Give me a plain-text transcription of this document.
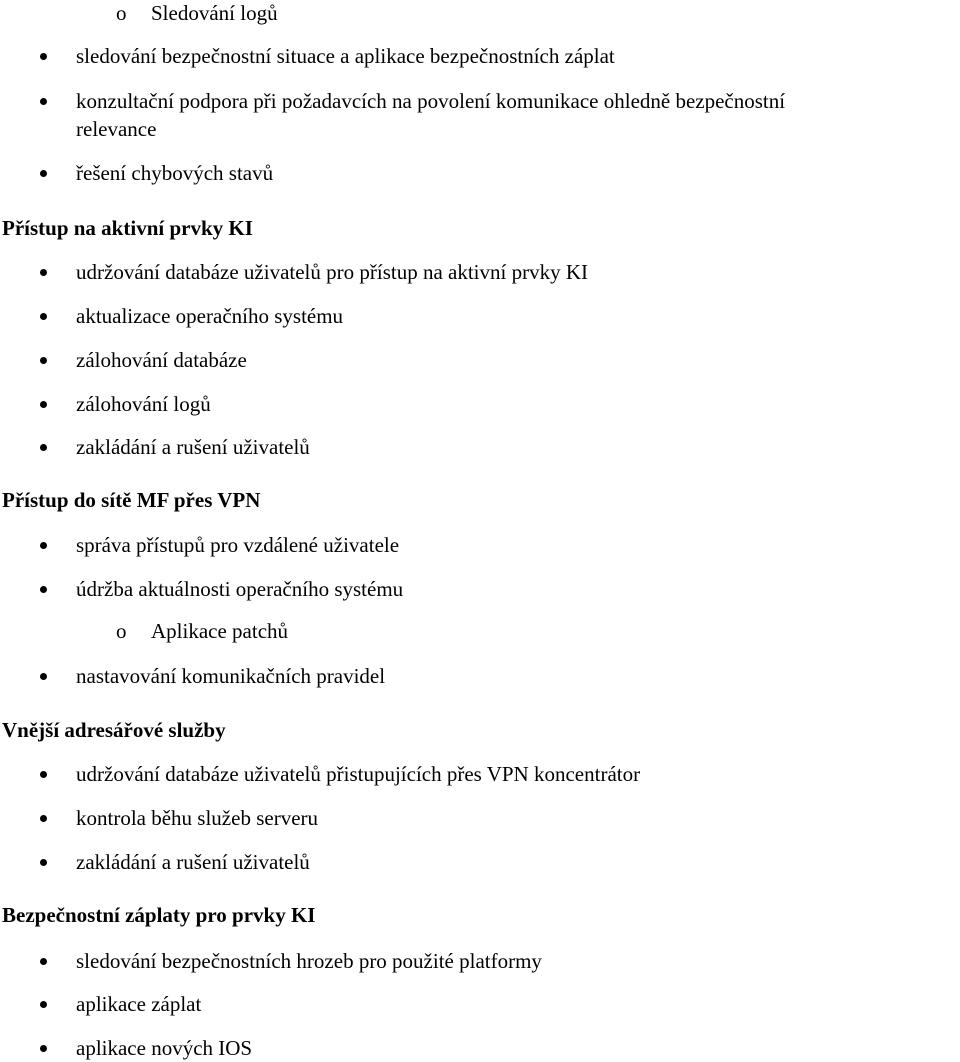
o Sledování logů
sledování bezpečnostní situace a aplikace bezpečnostních záplat
konzultační podpora při požadavcích na povolení komunikace ohledně bezpečnostní
relevance
řešení chybových stavů
Přístup na aktivní prvky KI
udržování databáze uživatelů pro přístup na aktivní prvky KI
aktualizace operačního systému
zálohování databáze
zálohování logů
zakládání a rušení uživatelů
Přístup do sítě MF přes VPN
správa přístupů pro vzdálené uživatele
údržba aktuálnosti operačního systému
o Aplikace patchů
nastavování komunikačních pravidel
Vnější adresářové služby
udržování databáze uživatelů přistupujících přes VPN koncentrátor
kontrola běhu služeb serveru
zakládání a rušení uživatelů
Bezpečnostní záplaty pro prvky KI
sledování bezpečnostních hrozeb pro použité platformy
aplikace záplat
aplikace nových IOS
